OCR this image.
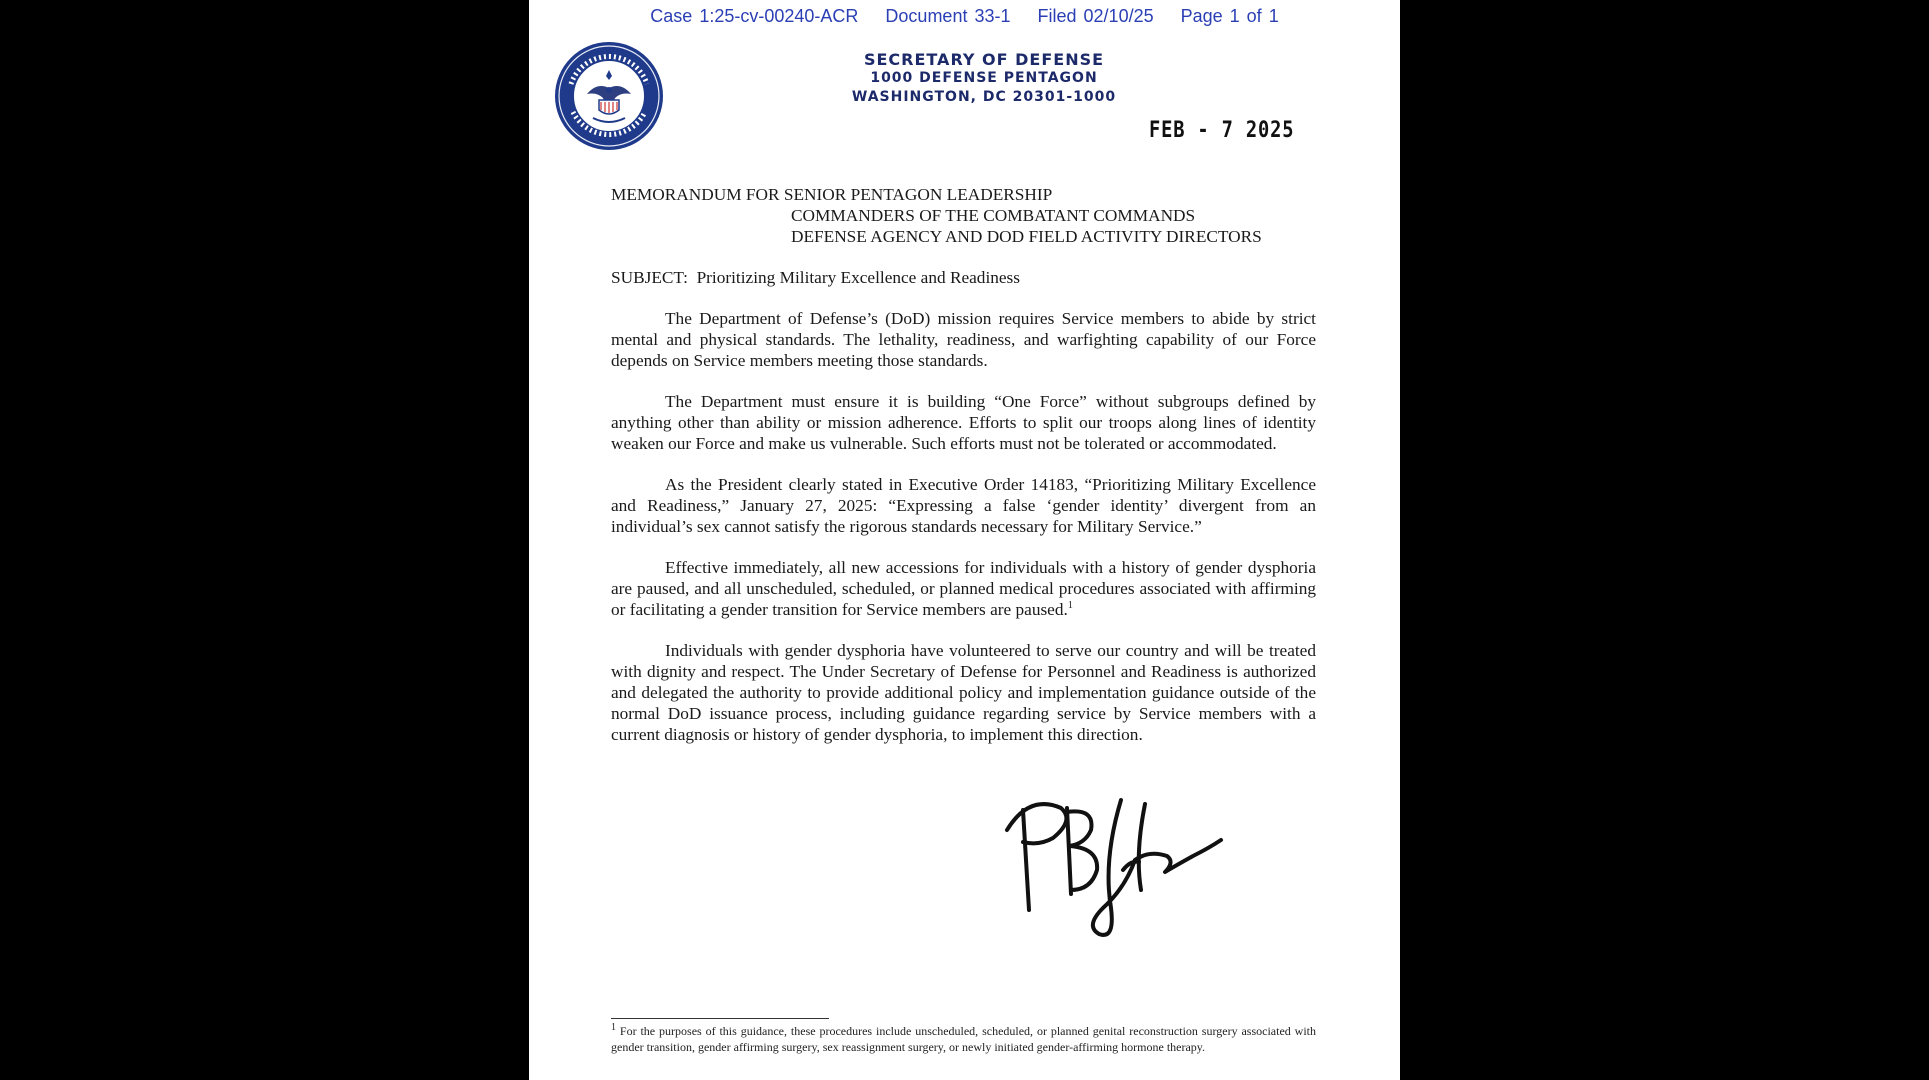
Case 1:25-cv-00240-ACR Document 33-1 Filed 02/10/25 Page 1 of 1
SECRETARY OF DEFENSE
1000 DEFENSE PENTAGON
WASHINGTON, DC 20301-1000
FEB - 7 2025
MEMORANDUM FOR SENIOR PENTAGON LEADERSHIP
COMMANDERS OF THE COMBATANT COMMANDS
DEFENSE AGENCY AND DOD FIELD ACTIVITY DIRECTORS
SUBJECT: Prioritizing Military Excellence and Readiness

The Department of Defense’s (DoD) mission requires Service members to abide by strict mental and physical standards. The lethality, readiness, and warfighting capability of our Force depends on Service members meeting those standards.

The Department must ensure it is building “One Force” without subgroups defined by anything other than ability or mission adherence. Efforts to split our troops along lines of identity weaken our Force and make us vulnerable. Such efforts must not be tolerated or accommodated.

As the President clearly stated in Executive Order 14183, “Prioritizing Military Excellence and Readiness,” January 27, 2025: “Expressing a false ‘gender identity’ divergent from an individual’s sex cannot satisfy the rigorous standards necessary for Military Service.”

Effective immediately, all new accessions for individuals with a history of gender dysphoria are paused, and all unscheduled, scheduled, or planned medical procedures associated with affirming or facilitating a gender transition for Service members are paused.$^1$

Individuals with gender dysphoria have volunteered to serve our country and will be treated with dignity and respect. The Under Secretary of Defense for Personnel and Readiness is authorized and delegated the authority to provide additional policy and implementation guidance outside of the normal DoD issuance process, including guidance regarding service by Service members with a current diagnosis or history of gender dysphoria, to implement this direction.

$^1$ For the purposes of this guidance, these procedures include unscheduled, scheduled, or planned genital reconstruction surgery associated with gender transition, gender affirming surgery, sex reassignment surgery, or newly initiated gender-affirming hormone therapy.
